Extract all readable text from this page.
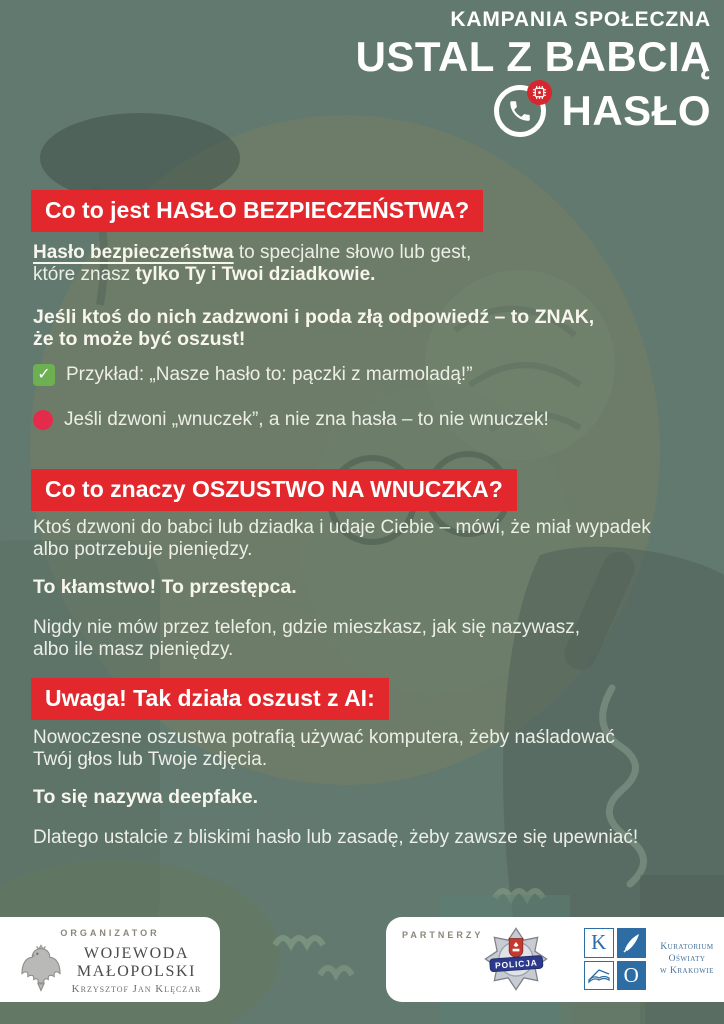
KAMPANIA SPOŁECZNA
USTAL Z BABCIĄ
HASŁO
Co to jest HASŁO BEZPIECZEŃSTWA?
Hasło bezpieczeństwa to specjalne słowo lub gest,
które znasz tylko Ty i Twoi dziadkowie.
Jeśli ktoś do nich zadzwoni i poda złą odpowiedź – to ZNAK,
że to może być oszust!
✓ Przykład: „Nasze hasło to: pączki z marmoladą!”
Jeśli dzwoni „wnuczek”, a nie zna hasła – to nie wnuczek!
Co to znaczy OSZUSTWO NA WNUCZKA?
Ktoś dzwoni do babci lub dziadka i udaje Ciebie – mówi, że miał wypadek
albo potrzebuje pieniędzy.
To kłamstwo! To przestępca.
Nigdy nie mów przez telefon, gdzie mieszkasz, jak się nazywasz,
albo ile masz pieniędzy.
Uwaga! Tak działa oszust z AI:
Nowoczesne oszustwa potrafią używać komputera, żeby naśladować
Twój głos lub Twoje zdjęcia.
To się nazywa deepfake.
Dlatego ustalcie z bliskimi hasło lub zasadę, żeby zawsze się upewniać!
ORGANIZATOR
WOJEWODA
MAŁOPOLSKI
Krzysztof Jan Klęczar
PARTNERZY
POLICJA
K
O
Kuratorium
Oświaty
w Krakowie
